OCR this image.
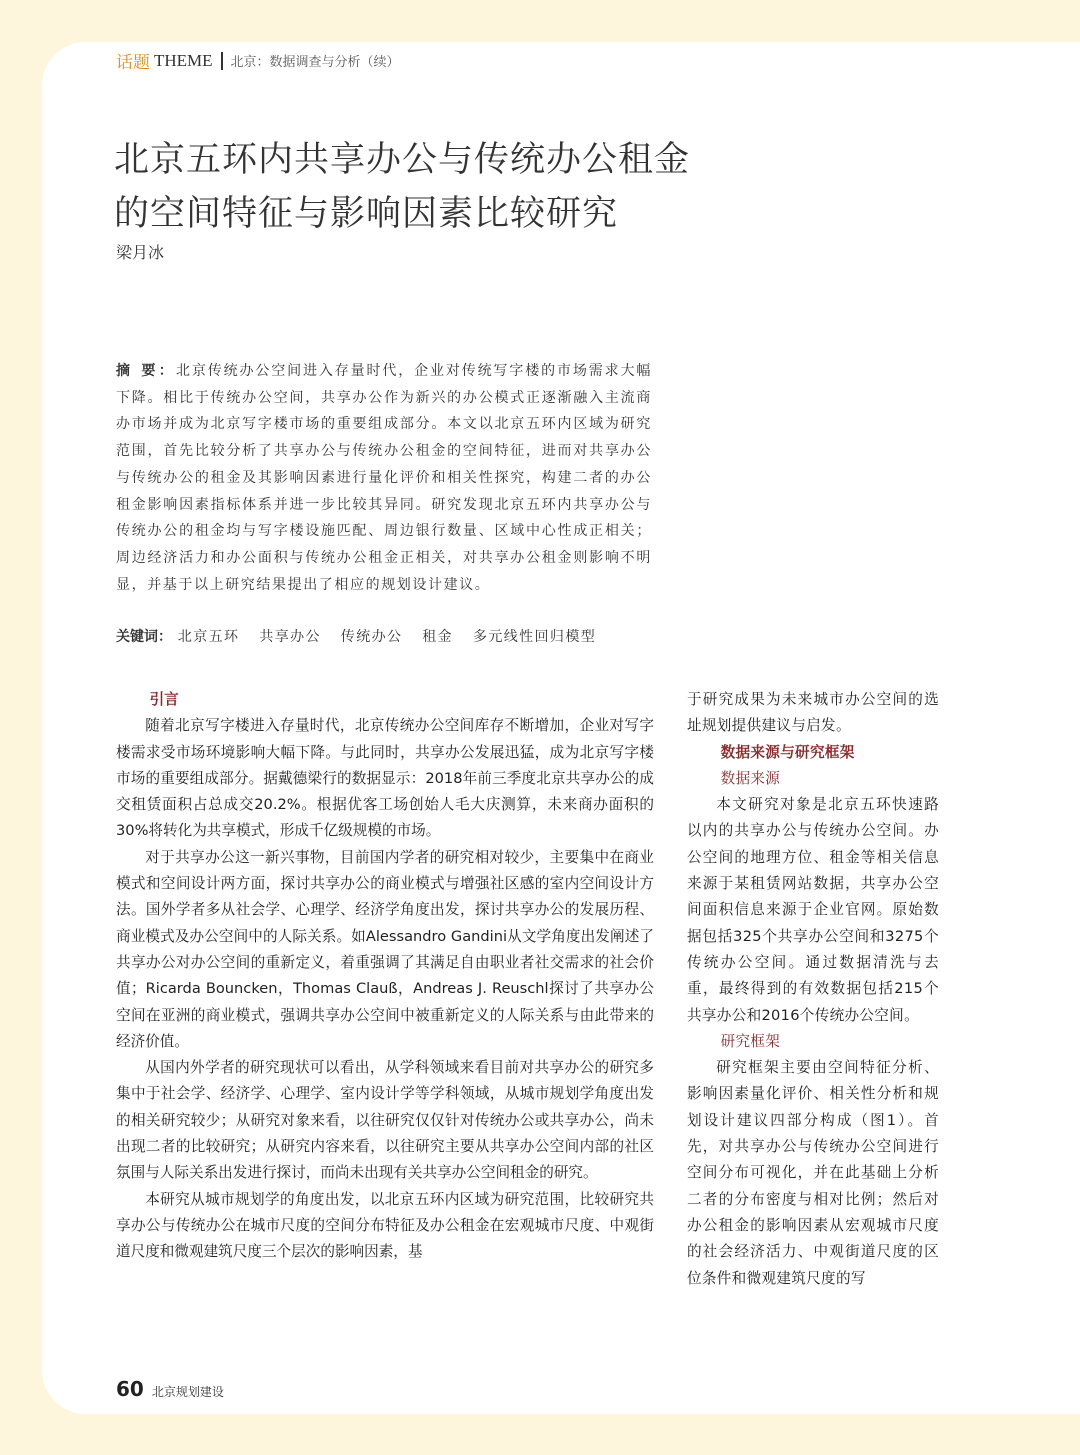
话题 THEME 北京：数据调查与分析（续）
北京五环内共享办公与传统办公租金
的空间特征与影响因素比较研究
梁月冰
摘 要：北京传统办公空间进入存量时代，企业对传统写字楼的市场需求大幅下降。相比于传统办公空间，共享办公作为新兴的办公模式正逐渐融入主流商办市场并成为北京写字楼市场的重要组成部分。本文以北京五环内区域为研究范围，首先比较分析了共享办公与传统办公租金的空间特征，进而对共享办公与传统办公的租金及其影响因素进行量化评价和相关性探究，构建二者的办公租金影响因素指标体系并进一步比较其异同。研究发现北京五环内共享办公与传统办公的租金均与写字楼设施匹配、周边银行数量、区域中心性成正相关；周边经济活力和办公面积与传统办公租金正相关，对共享办公租金则影响不明显，并基于以上研究结果提出了相应的规划设计建议。
关键词： 北京五环 共享办公 传统办公 租金 多元线性回归模型
引言

随着北京写字楼进入存量时代，北京传统办公空间库存不断增加，企业对写字楼需求受市场环境影响大幅下降。与此同时，共享办公发展迅猛，成为北京写字楼市场的重要组成部分。据戴德梁行的数据显示：2018年前三季度北京共享办公的成交租赁面积占总成交20.2%。根据优客工场创始人毛大庆测算，未来商办面积的30%将转化为共享模式，形成千亿级规模的市场。

对于共享办公这一新兴事物，目前国内学者的研究相对较少，主要集中在商业模式和空间设计两方面，探讨共享办公的商业模式与增强社区感的室内空间设计方法。国外学者多从社会学、心理学、经济学角度出发，探讨共享办公的发展历程、商业模式及办公空间中的人际关系。如Alessandro Gandini从文学角度出发阐述了共享办公对办公空间的重新定义，着重强调了其满足自由职业者社交需求的社会价值；Ricarda Bouncken，Thomas Clauß，Andreas J. Reuschl探讨了共享办公空间在亚洲的商业模式，强调共享办公空间中被重新定义的人际关系与由此带来的经济价值。

从国内外学者的研究现状可以看出，从学科领域来看目前对共享办公的研究多集中于社会学、经济学、心理学、室内设计学等学科领域，从城市规划学角度出发的相关研究较少；从研究对象来看，以往研究仅仅针对传统办公或共享办公，尚未出现二者的比较研究；从研究内容来看，以往研究主要从共享办公空间内部的社区氛围与人际关系出发进行探讨，而尚未出现有关共享办公空间租金的研究。

本研究从城市规划学的角度出发，以北京五环内区域为研究范围，比较研究共享办公与传统办公在城市尺度的空间分布特征及办公租金在宏观城市尺度、中观街道尺度和微观建筑尺度三个层次的影响因素，基

于研究成果为未来城市办公空间的选址规划提供建议与启发。

数据来源与研究框架
数据来源

本文研究对象是北京五环快速路以内的共享办公与传统办公空间。办公空间的地理方位、租金等相关信息来源于某租赁网站数据，共享办公空间面积信息来源于企业官网。原始数据包括325个共享办公空间和3275个传统办公空间。通过数据清洗与去重，最终得到的有效数据包括215个共享办公和2016个传统办公空间。

研究框架

研究框架主要由空间特征分析、影响因素量化评价、相关性分析和规划设计建议四部分构成（图1）。首先，对共享办公与传统办公空间进行空间分布可视化，并在此基础上分析二者的分布密度与相对比例；然后对办公租金的影响因素从宏观城市尺度的社会经济活力、中观街道尺度的区位条件和微观建筑尺度的写

60 北京规划建设
